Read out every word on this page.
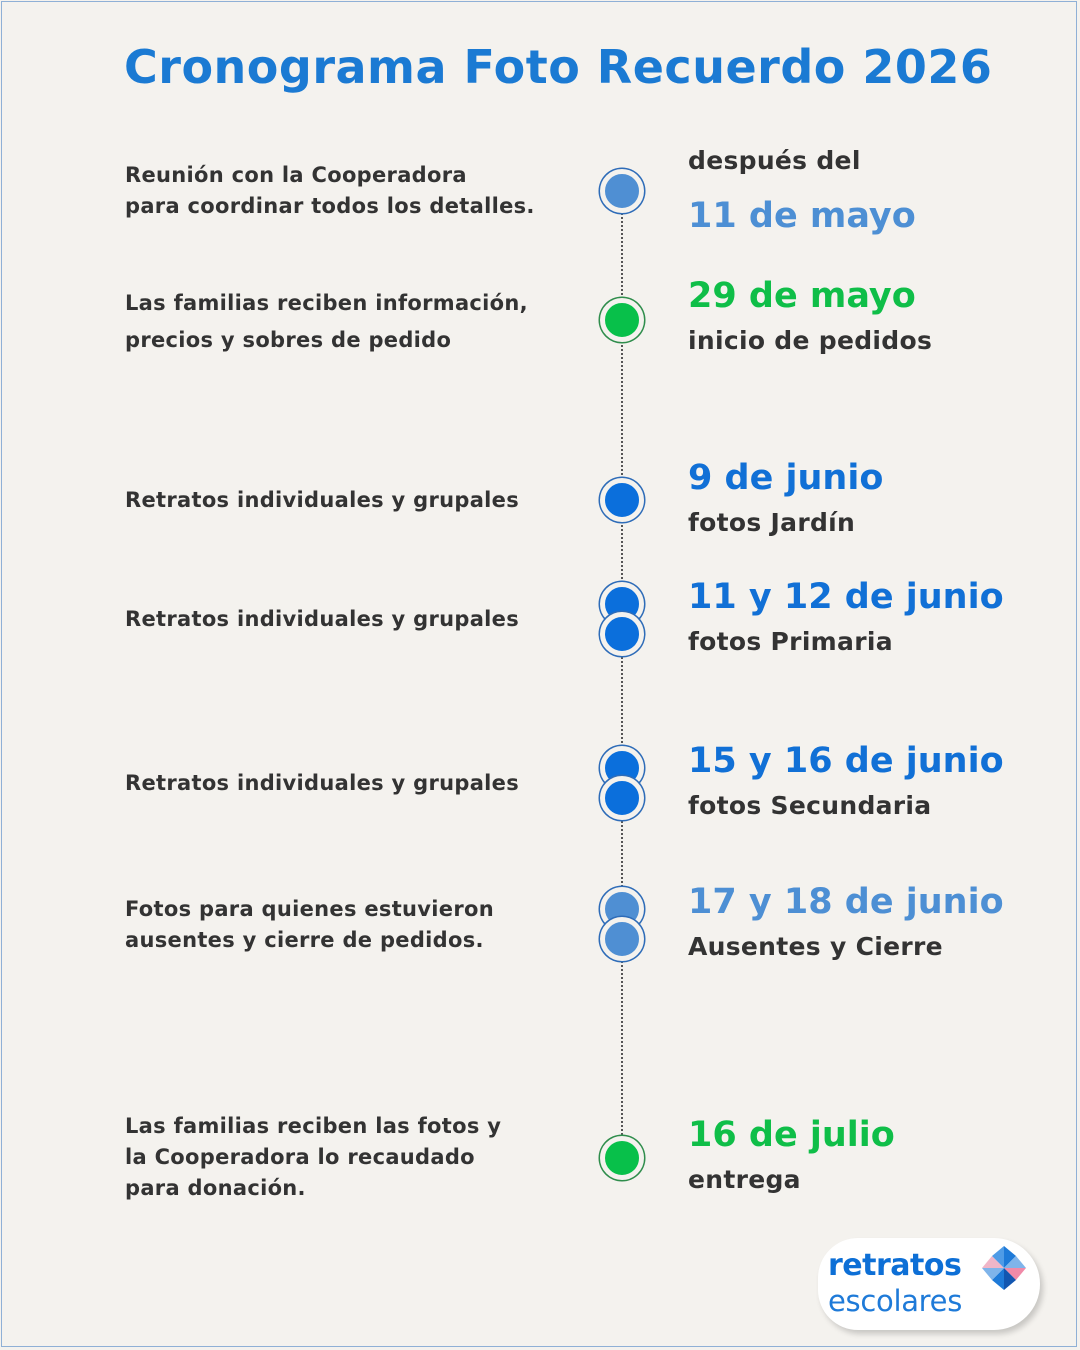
Cronograma Foto Recuerdo 2026
Reunión con la Cooperadora
para coordinar todos los detalles.
después del
11 de mayo
Las familias reciben información,
precios y sobres de pedido
29 de mayo
inicio de pedidos
Retratos individuales y grupales
9 de junio
fotos Jardín
Retratos individuales y grupales
11 y 12 de junio
fotos Primaria
Retratos individuales y grupales
15 y 16 de junio
fotos Secundaria
Fotos para quienes estuvieron
ausentes y cierre de pedidos.
17 y 18 de junio
Ausentes y Cierre
Las familias reciben las fotos y
la Cooperadora lo recaudado
para donación.
16 de julio
entrega
retratos
escolares
